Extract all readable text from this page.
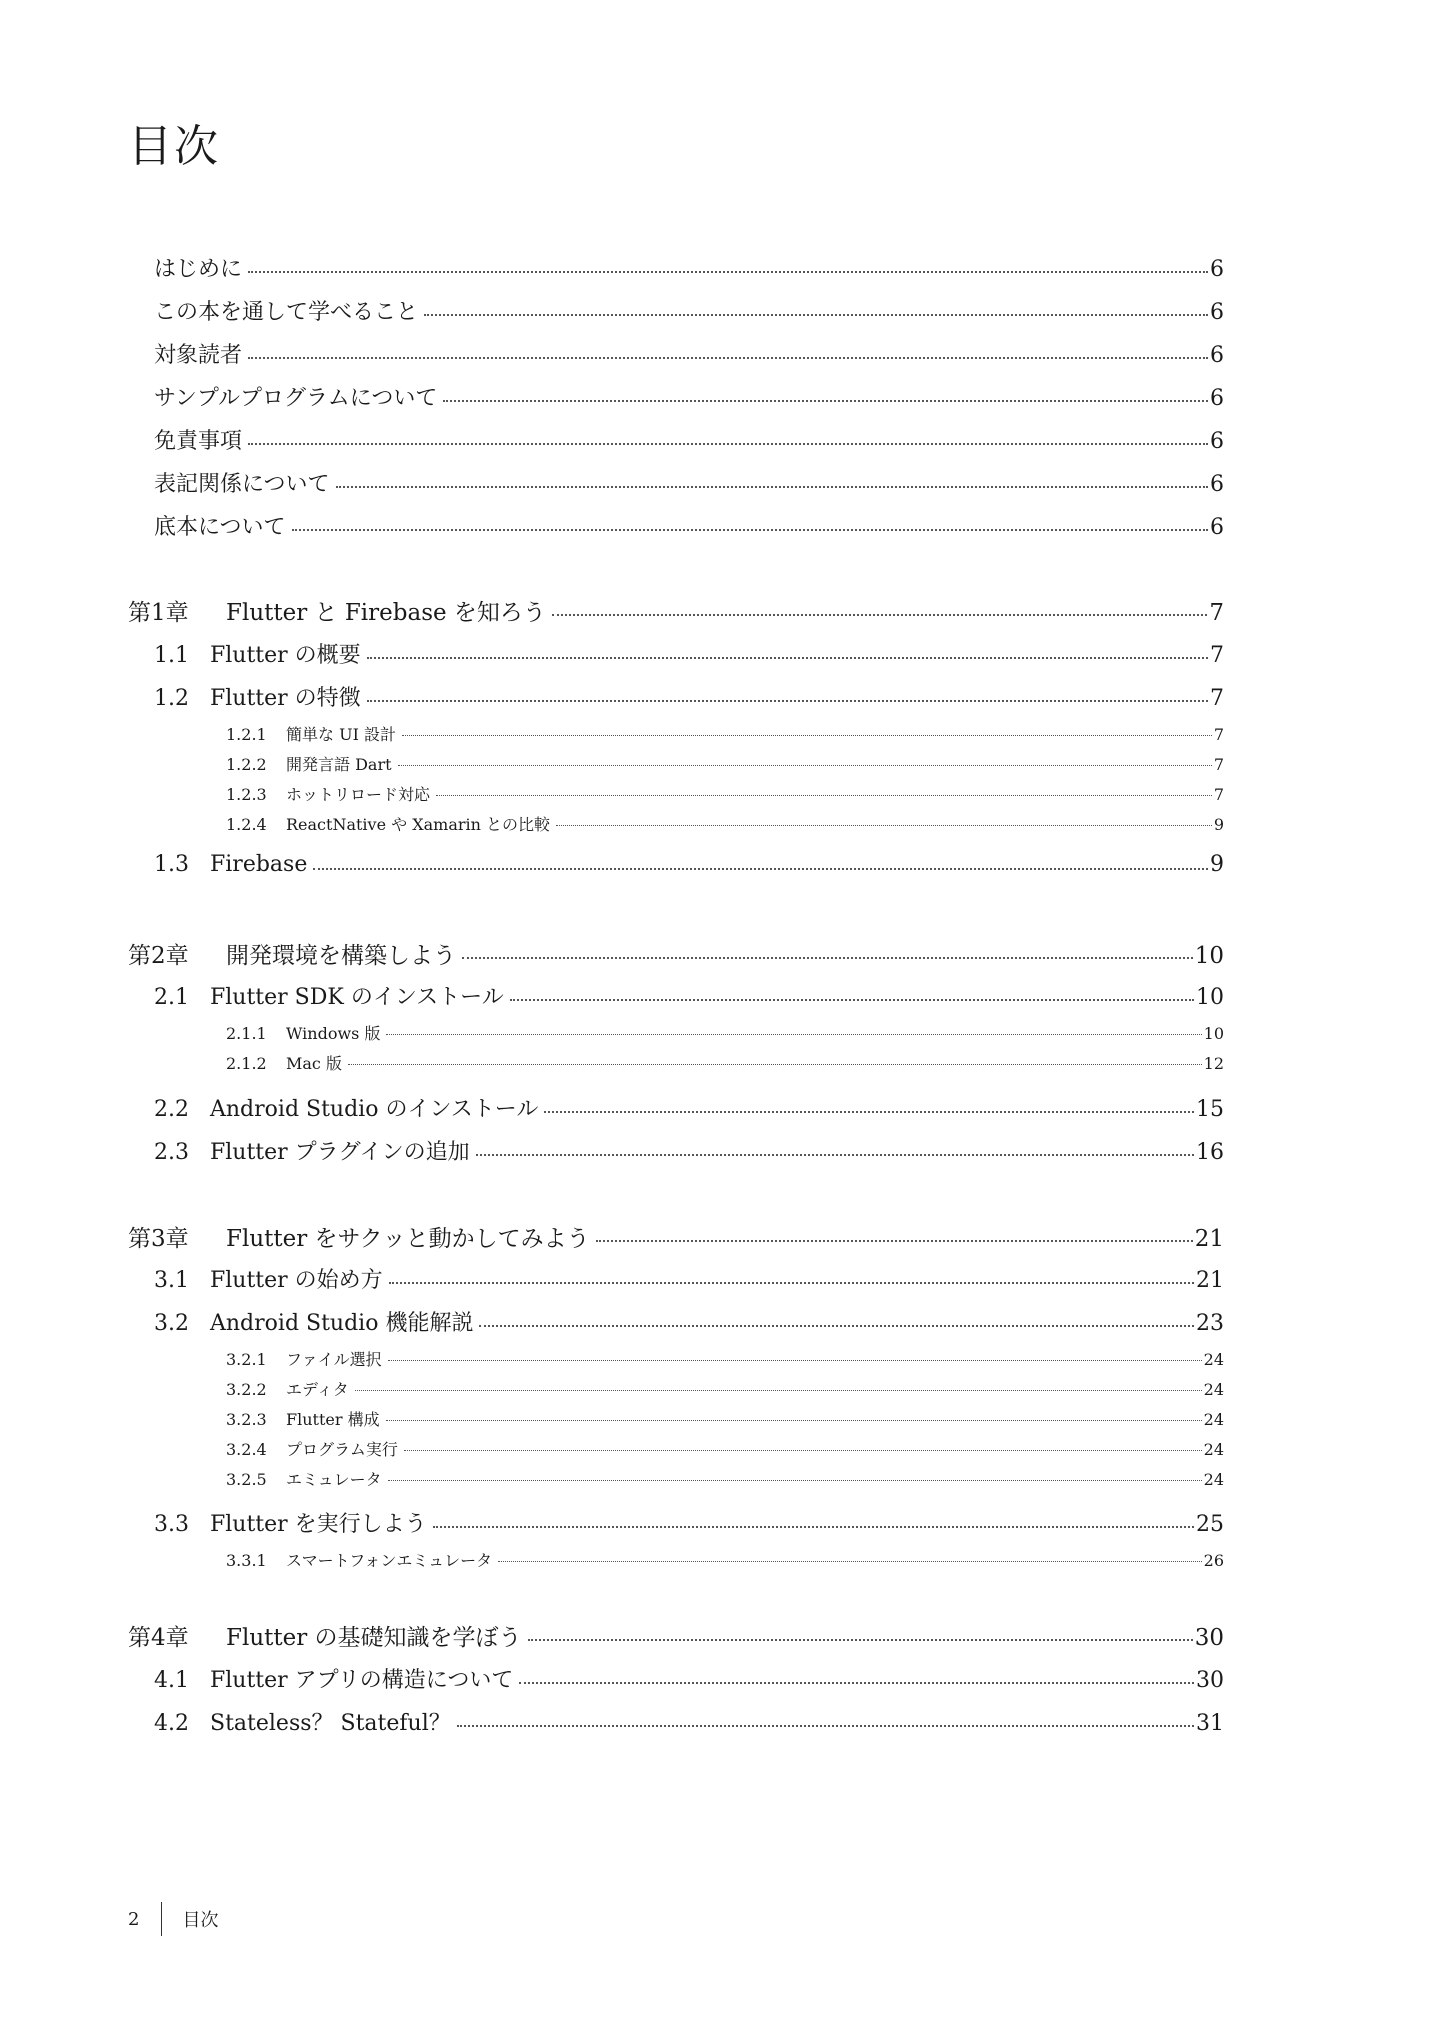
目次
はじめに	6
この本を通して学べること	6
対象読者	6
サンプルプログラムについて	6
免責事項	6
表記関係について	6
底本について	6
第1章	Flutter と Firebase を知ろう	7
1.1 Flutter の概要	7
1.2 Flutter の特徴	7
1.2.1	簡単な UI 設計	7
1.2.2	開発言語 Dart	7
1.2.3	ホットリロード対応	7
1.2.4	ReactNative や Xamarin との比較	9
1.3 Firebase	9
第2章	開発環境を構築しよう	10
2.1 Flutter SDK のインストール	10
2.1.1	Windows 版	10
2.1.2	Mac 版	12
2.2 Android Studio のインストール	15
2.3 Flutter プラグインの追加	16
第3章	Flutter をサクッと動かしてみよう	21
3.1 Flutter の始め方	21
3.2 Android Studio 機能解説	23
3.2.1	ファイル選択	24
3.2.2	エディタ	24
3.2.3	Flutter 構成	24
3.2.4	プログラム実行	24
3.2.5	エミュレータ	24
3.3 Flutter を実行しよう	25
3.3.1	スマートフォンエミュレータ	26
第4章	Flutter の基礎知識を学ぼう	30
4.1 Flutter アプリの構造について	30
4.2 Stateless？ Stateful？	31
2 目次
